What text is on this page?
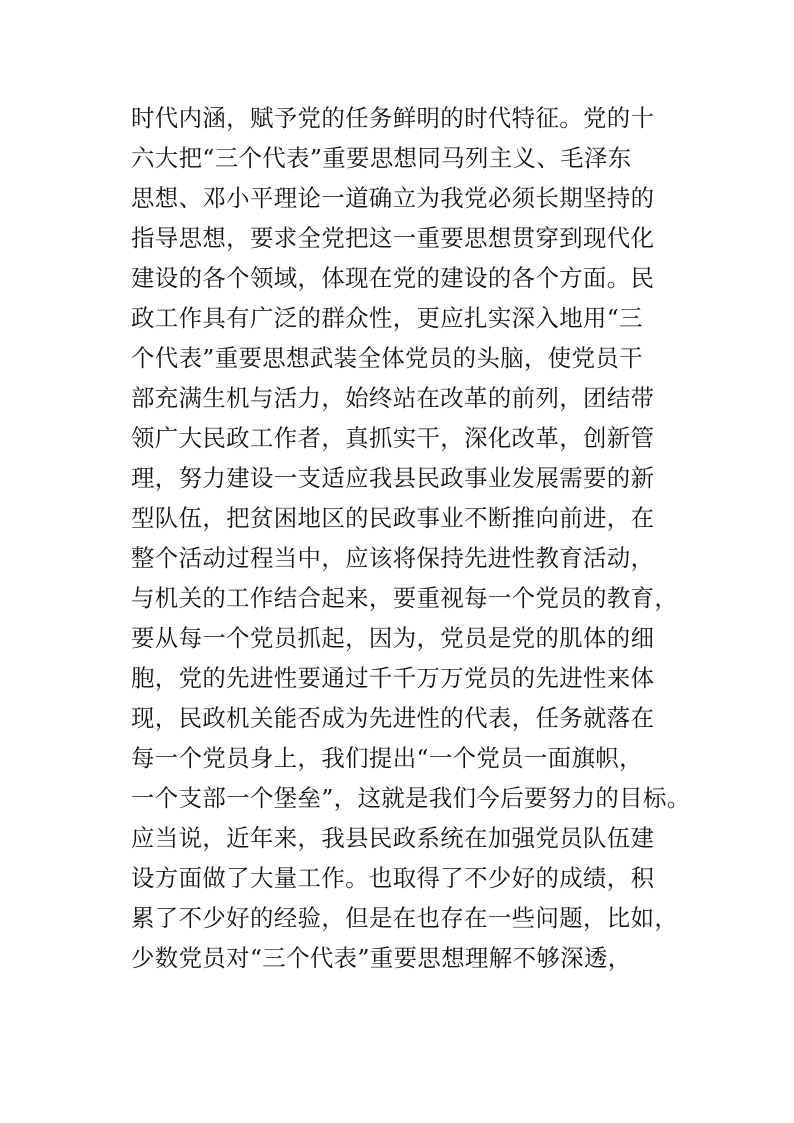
时代内涵，赋予党的任务鲜明的时代特征。党的十
六大把“三个代表”重要思想同马列主义、毛泽东
思想、邓小平理论一道确立为我党必须长期坚持的
指导思想，要求全党把这一重要思想贯穿到现代化
建设的各个领域，体现在党的建设的各个方面。民
政工作具有广泛的群众性，更应扎实深入地用“三
个代表”重要思想武装全体党员的头脑，使党员干
部充满生机与活力，始终站在改革的前列，团结带
领广大民政工作者，真抓实干，深化改革，创新管
理，努力建设一支适应我县民政事业发展需要的新
型队伍，把贫困地区的民政事业不断推向前进，在
整个活动过程当中，应该将保持先进性教育活动，
与机关的工作结合起来，要重视每一个党员的教育，
要从每一个党员抓起，因为，党员是党的肌体的细
胞，党的先进性要通过千千万万党员的先进性来体
现，民政机关能否成为先进性的代表，任务就落在
每一个党员身上，我们提出“一个党员一面旗帜，
一个支部一个堡垒”，这就是我们今后要努力的目标。
应当说，近年来，我县民政系统在加强党员队伍建
设方面做了大量工作。也取得了不少好的成绩，积
累了不少好的经验，但是在也存在一些问题，比如，
少数党员对“三个代表”重要思想理解不够深透，
